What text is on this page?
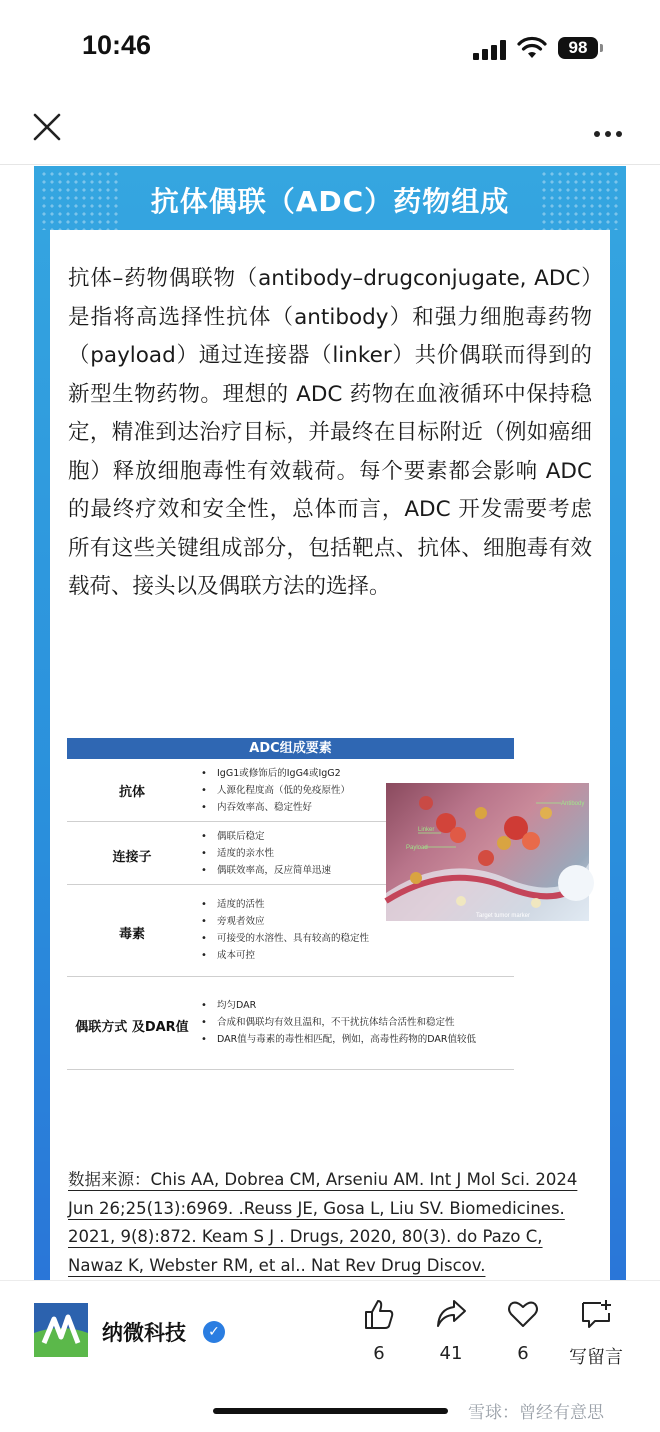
10:46	98
抗体偶联（ADC）药物组成

抗体–药物偶联物（antibody–drugconjugate, ADC）是指将高选择性抗体（antibody）和强力细胞毒药物（payload）通过连接器（linker）共价偶联而得到的新型生物药物。理想的 ADC 药物在血液循环中保持稳定，精准到达治疗目标，并最终在目标附近（例如癌细胞）释放细胞毒性有效载荷。每个要素都会影响 ADC 的最终疗效和安全性，总体而言，ADC 开发需要考虑所有这些关键组成部分，包括靶点、抗体、细胞毒有效载荷、接头以及偶联方法的选择。

ADC组成要素
抗体
• IgG1或修饰后的IgG4或IgG2
• 人源化程度高（低的免疫原性）
• 内吞效率高、稳定性好
连接子
• 偶联后稳定
• 适度的亲水性
• 偶联效率高，反应简单迅速
毒素
• 适度的活性
• 旁观者效应
• 可接受的水溶性、具有较高的稳定性
• 成本可控
偶联方式 及DAR值
• 均匀DAR
• 合成和偶联均有效且温和，不干扰抗体结合活性和稳定性
• DAR值与毒素的毒性相匹配，例如，高毒性药物的DAR值较低
Antibody
Linker
Payload
Target tumor marker

数据来源：Chis AA, Dobrea CM, Arseniu AM. Int J Mol Sci. 2024 Jun 26;25(13):6969. .Reuss JE, Gosa L, Liu SV. Biomedicines. 2021, 9(8):872. Keam S J . Drugs, 2020, 80(3). do Pazo C, Nawaz K, Webster RM, et al.. Nat Rev Drug Discov.

纳微科技	✓
6	41	6	写留言
雪球：曾经有意思
